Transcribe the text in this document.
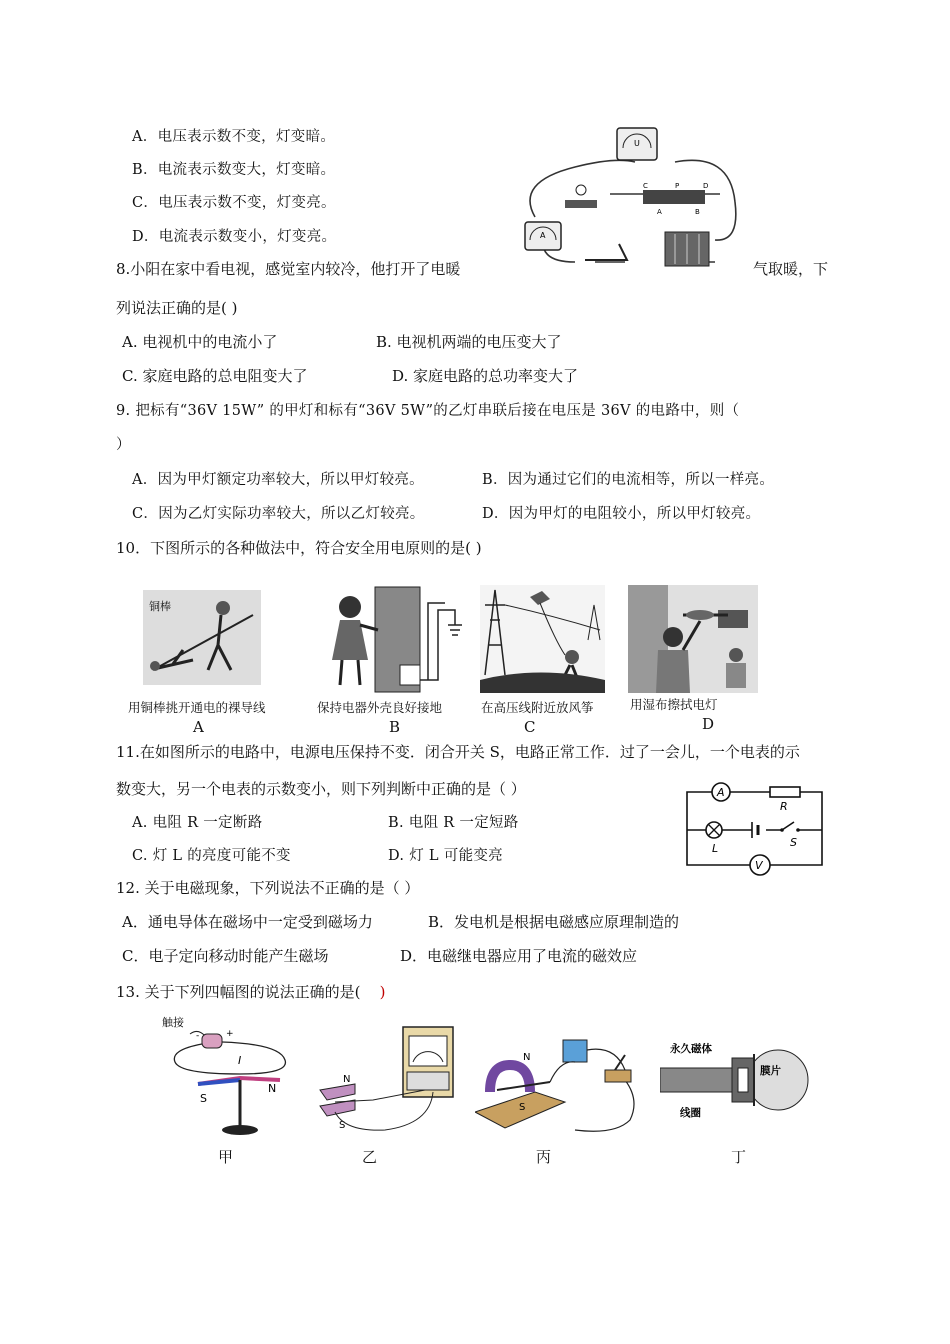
A．电压表示数不变，灯变暗。
B．电流表示数变大，灯变暗。
C．电压表示数不变，灯变亮。
D．电流表示数变小，灯变亮。
U
C	P	D
A	B
A
8.小阳在家中看电视，感觉室内较冷，他打开了电暖	气取暖，下
列说法正确的是( )
A. 电视机中的电流小了	B. 电视机两端的电压变大了
C. 家庭电路的总电阻变大了	D. 家庭电路的总功率变大了
9. 把标有“36V 15W” 的甲灯和标有“36V 5W”的乙灯串联后接在电压是 36V 的电路中，则（
）
A．因为甲灯额定功率较大，所以甲灯较亮。	B．因为通过它们的电流相等，所以一样亮。
C．因为乙灯实际功率较大，所以乙灯较亮。	D．因为甲灯的电阻较小，所以甲灯较亮。
10．下图所示的各种做法中，符合安全用电原则的是( )
铜棒
用铜棒挑开通电的裸导线
A
保持电器外壳良好接地
B
在高压线附近放风筝
C
用湿布擦拭电灯
D
11.在如图所示的电路中，电源电压保持不变．闭合开关 S，电路正常工作．过了一会儿，一个电表的示
数变大，另一个电表的示数变小，则下列判断中正确的是（ ）
A. 电阻 R 一定断路	B. 电阻 R 一定短路
C. 灯 L 的亮度可能不变	D. 灯 L 可能变亮
A
R
L	S
V
12. 关于电磁现象，下列说法不正确的是（ ）
A．通电导体在磁场中一定受到磁场力	B．发电机是根据电磁感应原理制造的
C．电子定向移动时能产生磁场	D．电磁继电器应用了电流的磁效应
13. 关于下列四幅图的说法正确的是( )
触接
-	+
I
S
N
甲
N
S
乙
N
S
丙
永久磁体
膜片
线圈
丁
